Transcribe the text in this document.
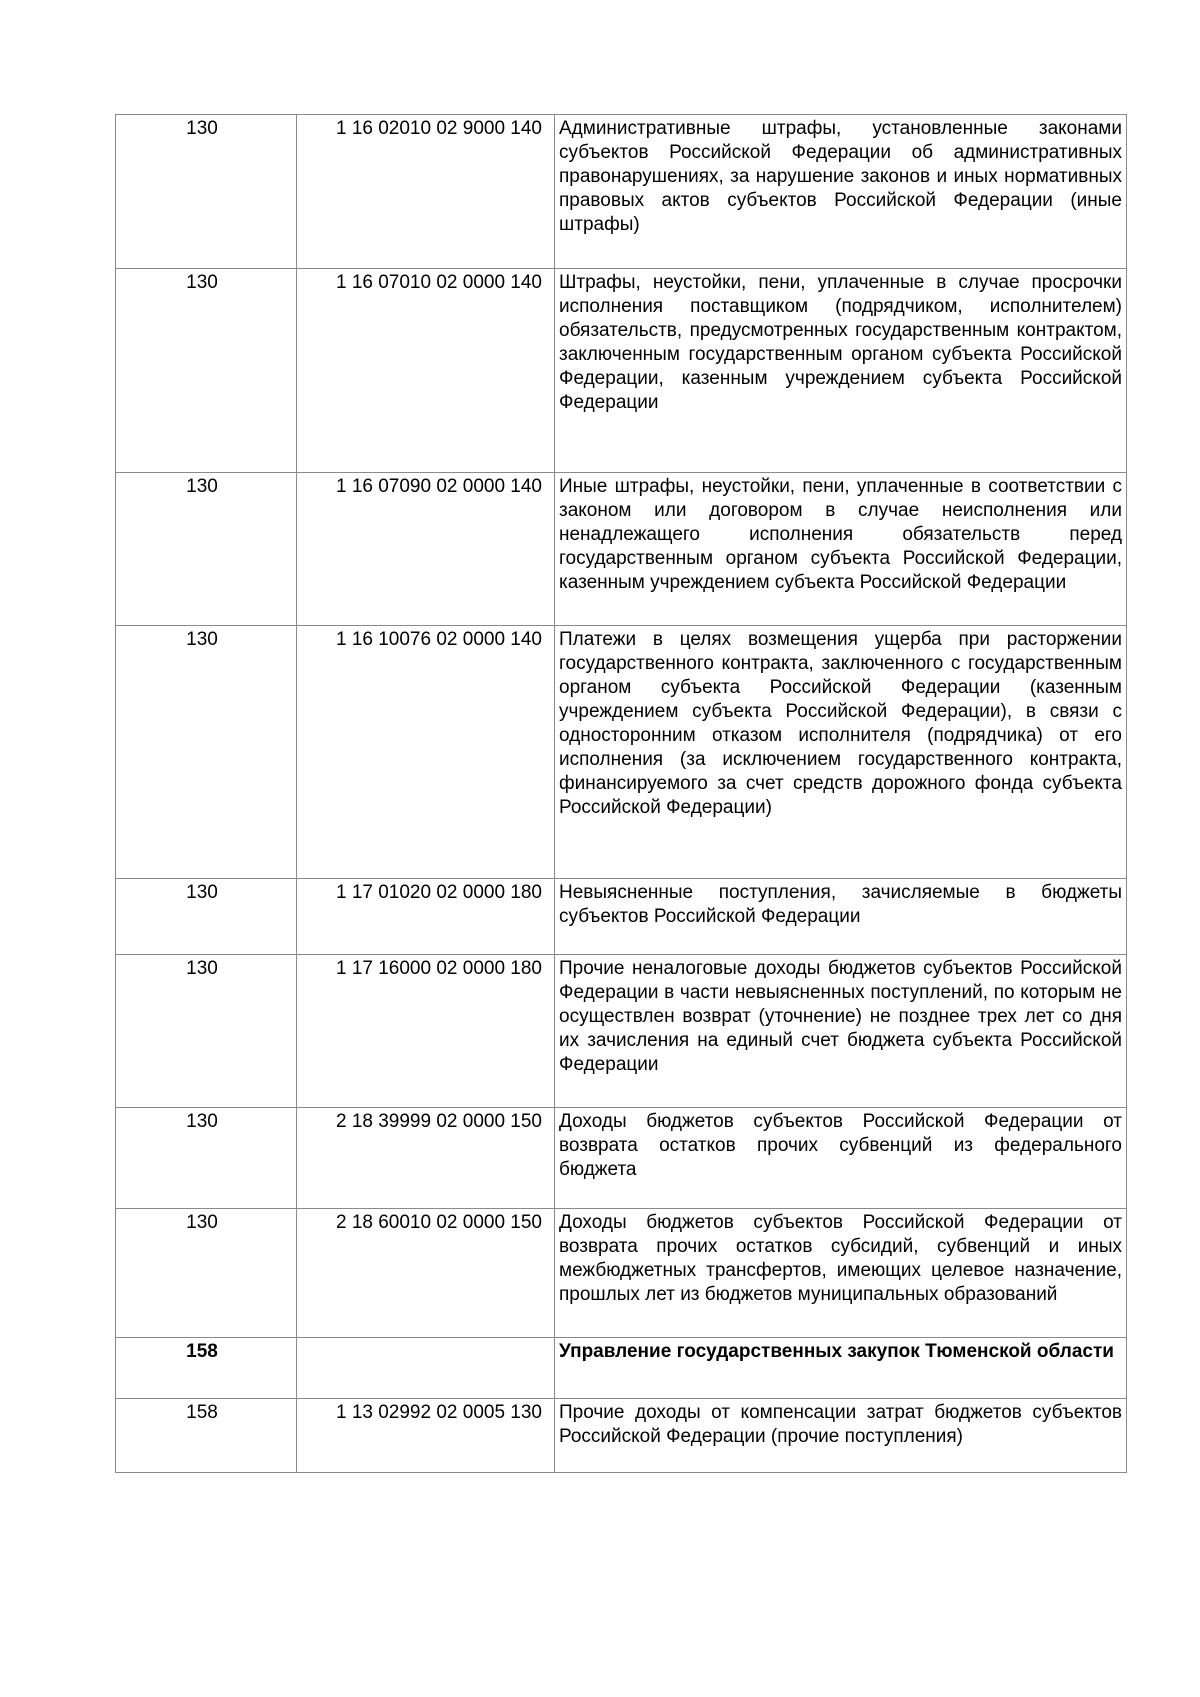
130	1 16 02010 02 9000 140	Административные штрафы, установленные законами субъектов Российской Федерации об административных правонарушениях, за нарушение законов и иных нормативных правовых актов субъектов Российской Федерации (иные штрафы)
130	1 16 07010 02 0000 140	Штрафы, неустойки, пени, уплаченные в случае просрочки исполнения поставщиком (подрядчиком, исполнителем) обязательств, предусмотренных государственным контрактом, заключенным государственным органом субъекта Российской Федерации, казенным учреждением субъекта Российской Федерации
130	1 16 07090 02 0000 140	Иные штрафы, неустойки, пени, уплаченные в соответствии с законом или договором в случае неисполнения или ненадлежащего исполнения обязательств перед государственным органом субъекта Российской Федерации, казенным учреждением субъекта Российской Федерации
130	1 16 10076 02 0000 140	Платежи в целях возмещения ущерба при расторжении государственного контракта, заключенного с государственным органом субъекта Российской Федерации (казенным учреждением субъекта Российской Федерации), в связи с односторонним отказом исполнителя (подрядчика) от его исполнения (за исключением государственного контракта, финансируемого за счет средств дорожного фонда субъекта Российской Федерации)
130	1 17 01020 02 0000 180	Невыясненные поступления, зачисляемые в бюджеты субъектов Российской Федерации
130	1 17 16000 02 0000 180	Прочие неналоговые доходы бюджетов субъектов Российской Федерации в части невыясненных поступлений, по которым не осуществлен возврат (уточнение) не позднее трех лет со дня их зачисления на единый счет бюджета субъекта Российской Федерации
130	2 18 39999 02 0000 150	Доходы бюджетов субъектов Российской Федерации от возврата остатков прочих субвенций из федерального бюджета
130	2 18 60010 02 0000 150	Доходы бюджетов субъектов Российской Федерации от возврата прочих остатков субсидий, субвенций и иных межбюджетных трансфертов, имеющих целевое назначение, прошлых лет из бюджетов муниципальных образований
158		Управление государственных закупок Тюменской области
158	1 13 02992 02 0005 130	Прочие доходы от компенсации затрат бюджетов субъектов Российской Федерации (прочие поступления)
